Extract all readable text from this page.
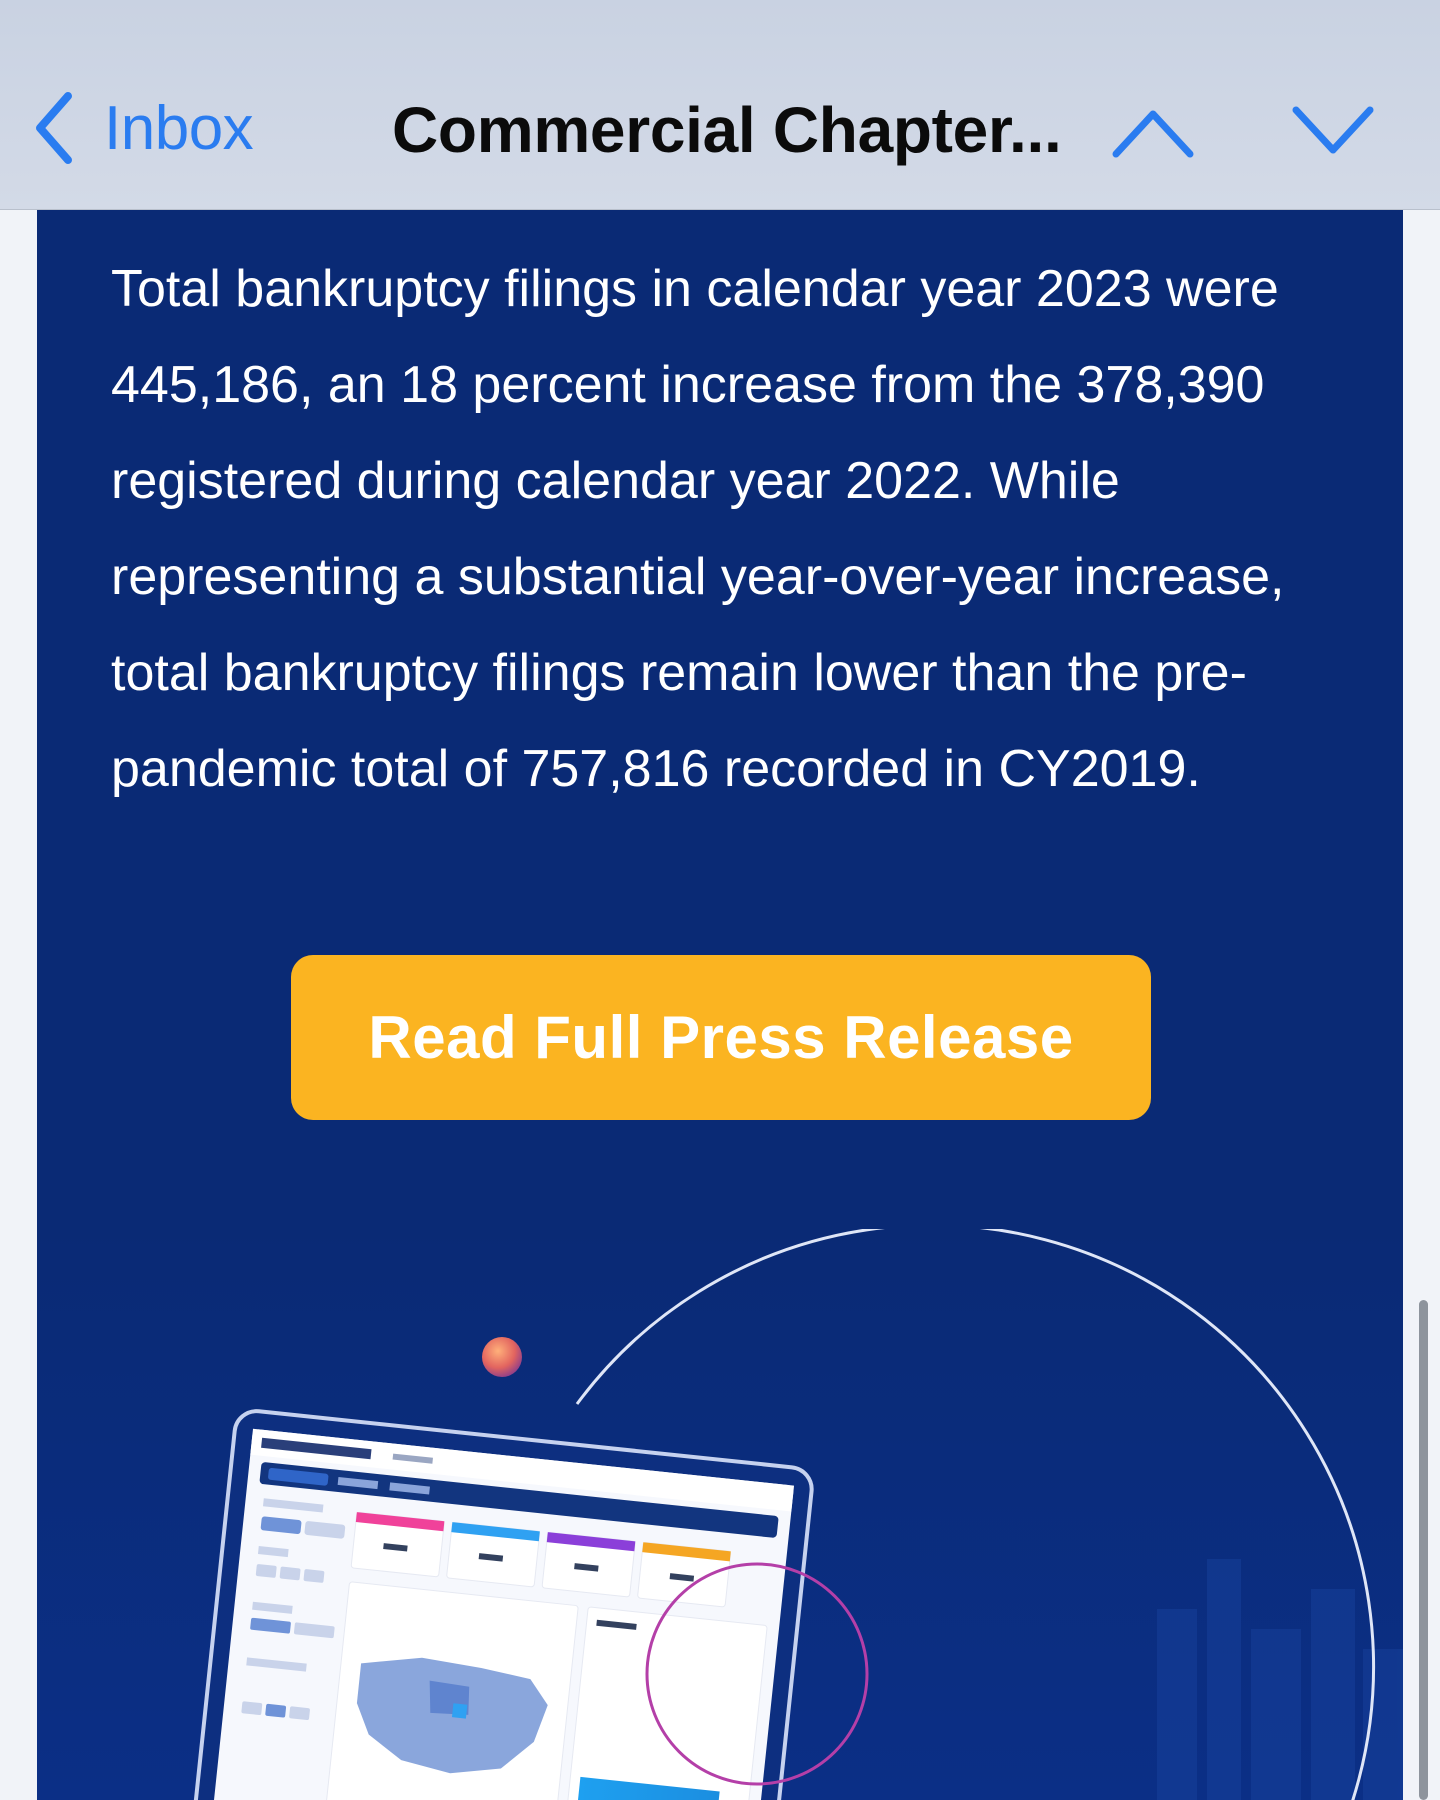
Inbox Commercial Chapter...

Total bankruptcy filings in calendar year 2023 were 445,186, an 18 percent increase from the 378,390 registered during calendar year 2022. While representing a substantial year-over-year increase, total bankruptcy filings remain lower than the pre-pandemic total of 757,816 recorded in CY2019.

Read Full Press Release
